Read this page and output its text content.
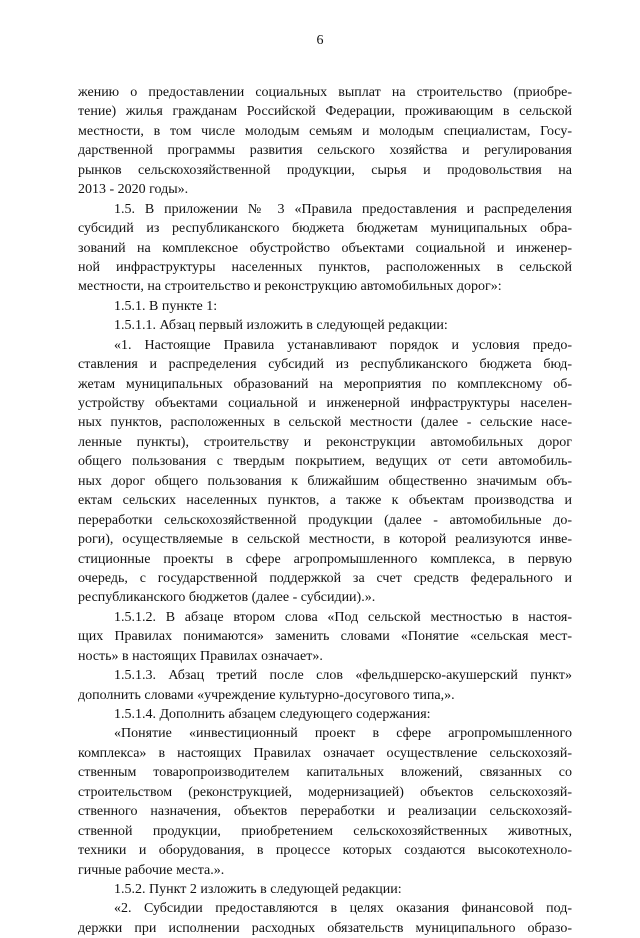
6
жению о предоставлении социальных выплат на строительство (приобре-
тение) жилья гражданам Российской Федерации, проживающим в сельской
местности, в том числе молодым семьям и молодым специалистам, Госу-
дарственной программы развития сельского хозяйства и регулирования
рынков сельскохозяйственной продукции, сырья и продовольствия на
2013 - 2020 годы».
1.5. В приложении № 3 «Правила предоставления и распределения
субсидий из республиканского бюджета бюджетам муниципальных обра-
зований на комплексное обустройство объектами социальной и инженер-
ной инфраструктуры населенных пунктов, расположенных в сельской
местности, на строительство и реконструкцию автомобильных дорог»:
1.5.1. В пункте 1:
1.5.1.1. Абзац первый изложить в следующей редакции:
«1. Настоящие Правила устанавливают порядок и условия предо-
ставления и распределения субсидий из республиканского бюджета бюд-
жетам муниципальных образований на мероприятия по комплексному об-
устройству объектами социальной и инженерной инфраструктуры населен-
ных пунктов, расположенных в сельской местности (далее - сельские насе-
ленные пункты), строительству и реконструкции автомобильных дорог
общего пользования с твердым покрытием, ведущих от сети автомобиль-
ных дорог общего пользования к ближайшим общественно значимым объ-
ектам сельских населенных пунктов, а также к объектам производства и
переработки сельскохозяйственной продукции (далее - автомобильные до-
роги), осуществляемые в сельской местности, в которой реализуются инве-
стиционные проекты в сфере агропромышленного комплекса, в первую
очередь, с государственной поддержкой за счет средств федерального и
республиканского бюджетов (далее - субсидии).».
1.5.1.2. В абзаце втором слова «Под сельской местностью в настоя-
щих Правилах понимаются» заменить словами «Понятие «сельская мест-
ность» в настоящих Правилах означает».
1.5.1.3. Абзац третий после слов «фельдшерско-акушерский пункт»
дополнить словами «учреждение культурно-досугового типа,».
1.5.1.4. Дополнить абзацем следующего содержания:
«Понятие «инвестиционный проект в сфере агропромышленного
комплекса» в настоящих Правилах означает осуществление сельскохозяй-
ственным товаропроизводителем капитальных вложений, связанных со
строительством (реконструкцией, модернизацией) объектов сельскохозяй-
ственного назначения, объектов переработки и реализации сельскохозяй-
ственной продукции, приобретением сельскохозяйственных животных,
техники и оборудования, в процессе которых создаются высокотехноло-
гичные рабочие места.».
1.5.2. Пункт 2 изложить в следующей редакции:
«2. Субсидии предоставляются в целях оказания финансовой под-
держки при исполнении расходных обязательств муниципального образо-
